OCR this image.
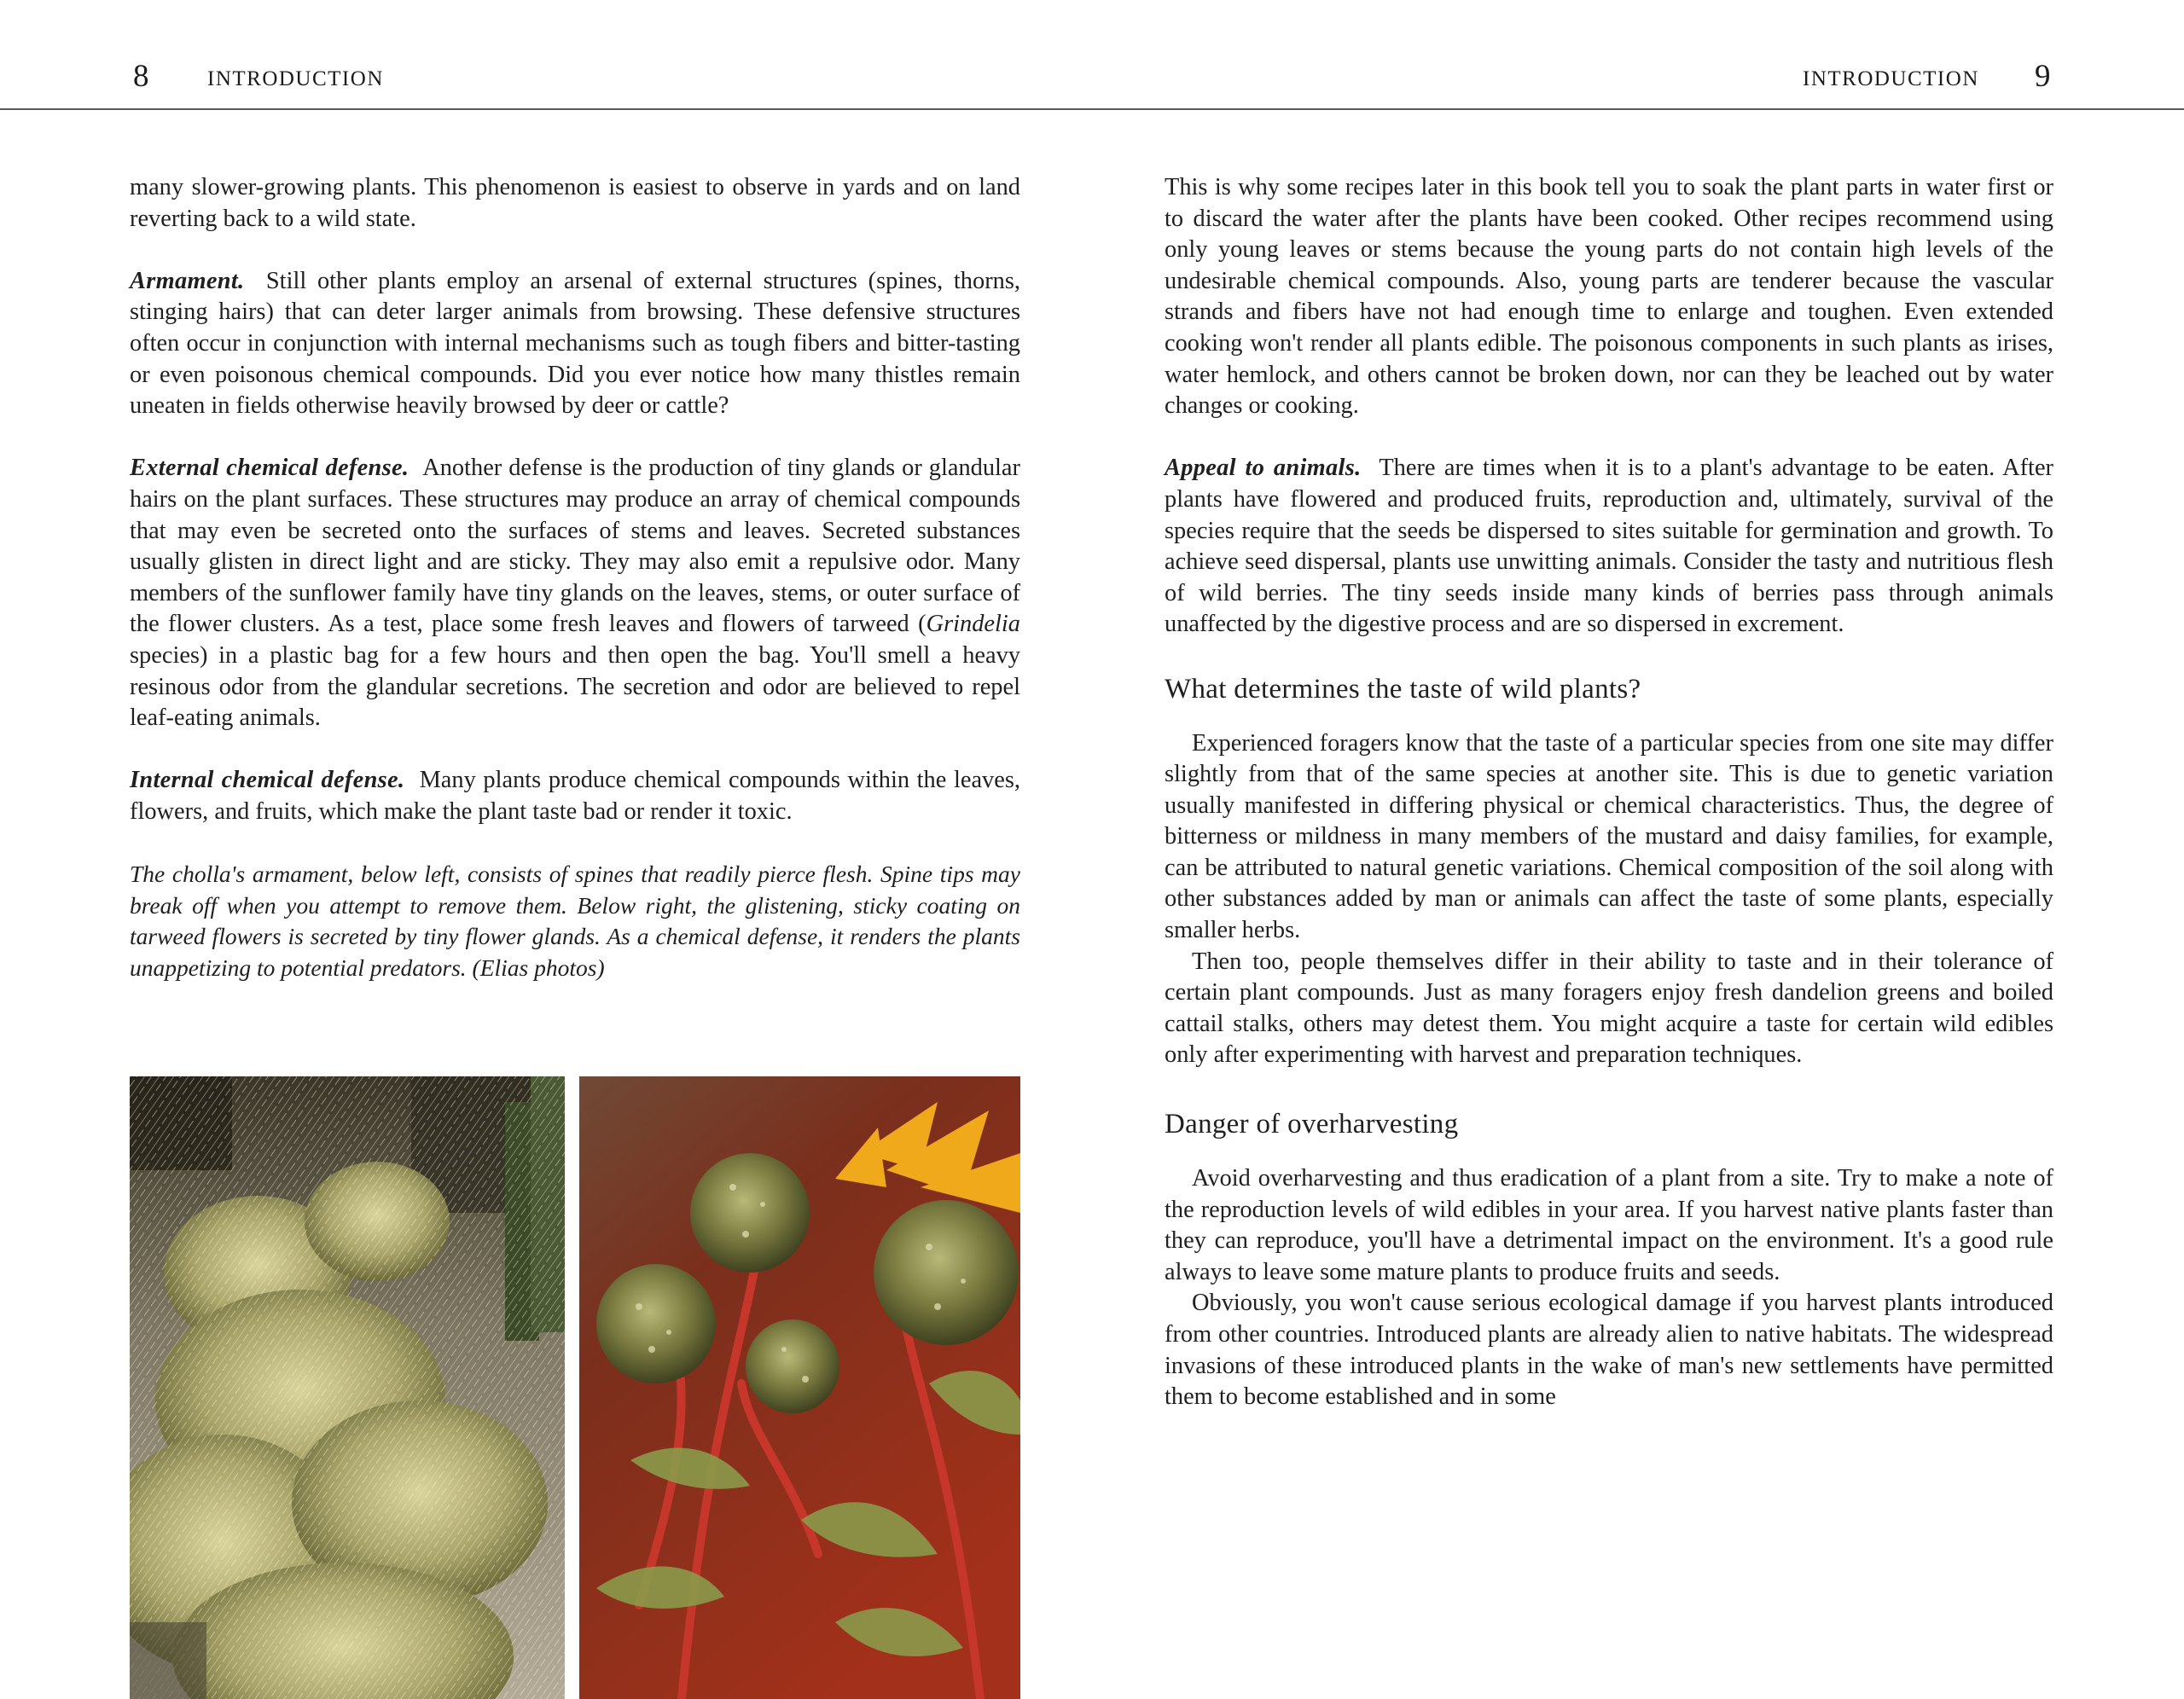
8	INTRODUCTION	INTRODUCTION 9

many slower-growing plants. This phenomenon is easiest to observe in yards and on land reverting back to a wild state.

Armament. Still other plants employ an arsenal of external structures (spines, thorns, stinging hairs) that can deter larger animals from browsing. These defensive structures often occur in conjunction with internal mechanisms such as tough fibers and bitter-tasting or even poisonous chemical compounds. Did you ever notice how many thistles remain uneaten in fields otherwise heavily browsed by deer or cattle?

External chemical defense. Another defense is the production of tiny glands or glandular hairs on the plant surfaces. These structures may produce an array of chemical compounds that may even be secreted onto the surfaces of stems and leaves. Secreted substances usually glisten in direct light and are sticky. They may also emit a repulsive odor. Many members of the sunflower family have tiny glands on the leaves, stems, or outer surface of the flower clusters. As a test, place some fresh leaves and flowers of tarweed (Grindelia species) in a plastic bag for a few hours and then open the bag. You'll smell a heavy resinous odor from the glandular secretions. The secretion and odor are believed to repel leaf-eating animals.

Internal chemical defense. Many plants produce chemical compounds within the leaves, flowers, and fruits, which make the plant taste bad or render it toxic.

The cholla's armament, below left, consists of spines that readily pierce flesh. Spine tips may break off when you attempt to remove them. Below right, the glistening, sticky coating on tarweed flowers is secreted by tiny flower glands. As a chemical defense, it renders the plants unappetizing to potential predators. (Elias photos)

This is why some recipes later in this book tell you to soak the plant parts in water first or to discard the water after the plants have been cooked. Other recipes recommend using only young leaves or stems because the young parts do not contain high levels of the undesirable chemical compounds. Also, young parts are tenderer because the vascular strands and fibers have not had enough time to enlarge and toughen. Even extended cooking won't render all plants edible. The poisonous components in such plants as irises, water hemlock, and others cannot be broken down, nor can they be leached out by water changes or cooking.

Appeal to animals. There are times when it is to a plant's advantage to be eaten. After plants have flowered and produced fruits, reproduction and, ultimately, survival of the species require that the seeds be dispersed to sites suitable for germination and growth. To achieve seed dispersal, plants use unwitting animals. Consider the tasty and nutritious flesh of wild berries. The tiny seeds inside many kinds of berries pass through animals unaffected by the digestive process and are so dispersed in excrement.

What determines the taste of wild plants?

Experienced foragers know that the taste of a particular species from one site may differ slightly from that of the same species at another site. This is due to genetic variation usually manifested in differing physical or chemical characteristics. Thus, the degree of bitterness or mildness in many members of the mustard and daisy families, for example, can be attributed to natural genetic variations. Chemical composition of the soil along with other substances added by man or animals can affect the taste of some plants, especially smaller herbs.

Then too, people themselves differ in their ability to taste and in their tolerance of certain plant compounds. Just as many foragers enjoy fresh dandelion greens and boiled cattail stalks, others may detest them. You might acquire a taste for certain wild edibles only after experimenting with harvest and preparation techniques.

Danger of overharvesting

Avoid overharvesting and thus eradication of a plant from a site. Try to make a note of the reproduction levels of wild edibles in your area. If you harvest native plants faster than they can reproduce, you'll have a detrimental impact on the environment. It's a good rule always to leave some mature plants to produce fruits and seeds.

Obviously, you won't cause serious ecological damage if you harvest plants introduced from other countries. Introduced plants are already alien to native habitats. The widespread invasions of these introduced plants in the wake of man's new settlements have permitted them to become established and in some
